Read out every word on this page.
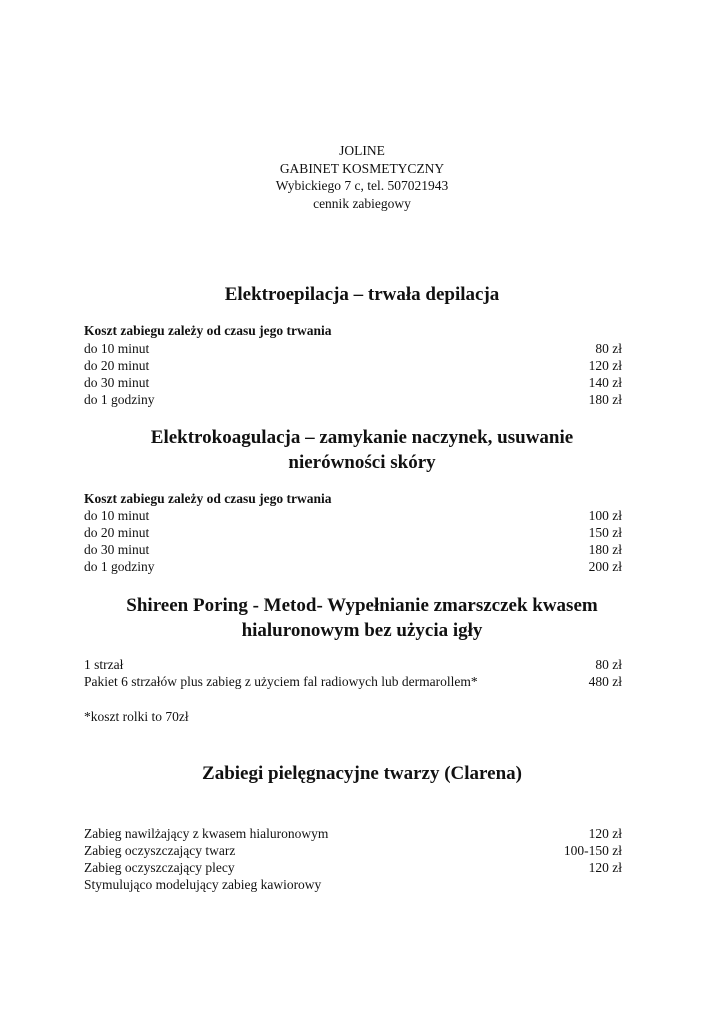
JOLINE
GABINET KOSMETYCZNY
Wybickiego 7 c, tel. 507021943
cennik zabiegowy
Elektroepilacja – trwała depilacja
Koszt zabiegu zależy od czasu jego trwania
do 10 minut	80 zł
do 20 minut	120 zł
do 30 minut	140 zł
do 1 godziny	180 zł
Elektrokoagulacja – zamykanie naczynek, usuwanie
nierówności skóry
Koszt zabiegu zależy od czasu jego trwania
do 10 minut	100 zł
do 20 minut	150 zł
do 30 minut	180 zł
do 1 godziny	200 zł
Shireen Poring - Metod- Wypełnianie zmarszczek kwasem
hialuronowym bez użycia igły
1 strzał	80 zł
Pakiet 6 strzałów plus zabieg z użyciem fal radiowych lub dermarollem*	480 zł
*koszt rolki to 70zł
Zabiegi pielęgnacyjne twarzy (Clarena)
Zabieg nawilżający z kwasem hialuronowym	120 zł
Zabieg oczyszczający twarz	100-150 zł
Zabieg oczyszczający plecy	120 zł
Stymulująco modelujący zabieg kawiorowy
